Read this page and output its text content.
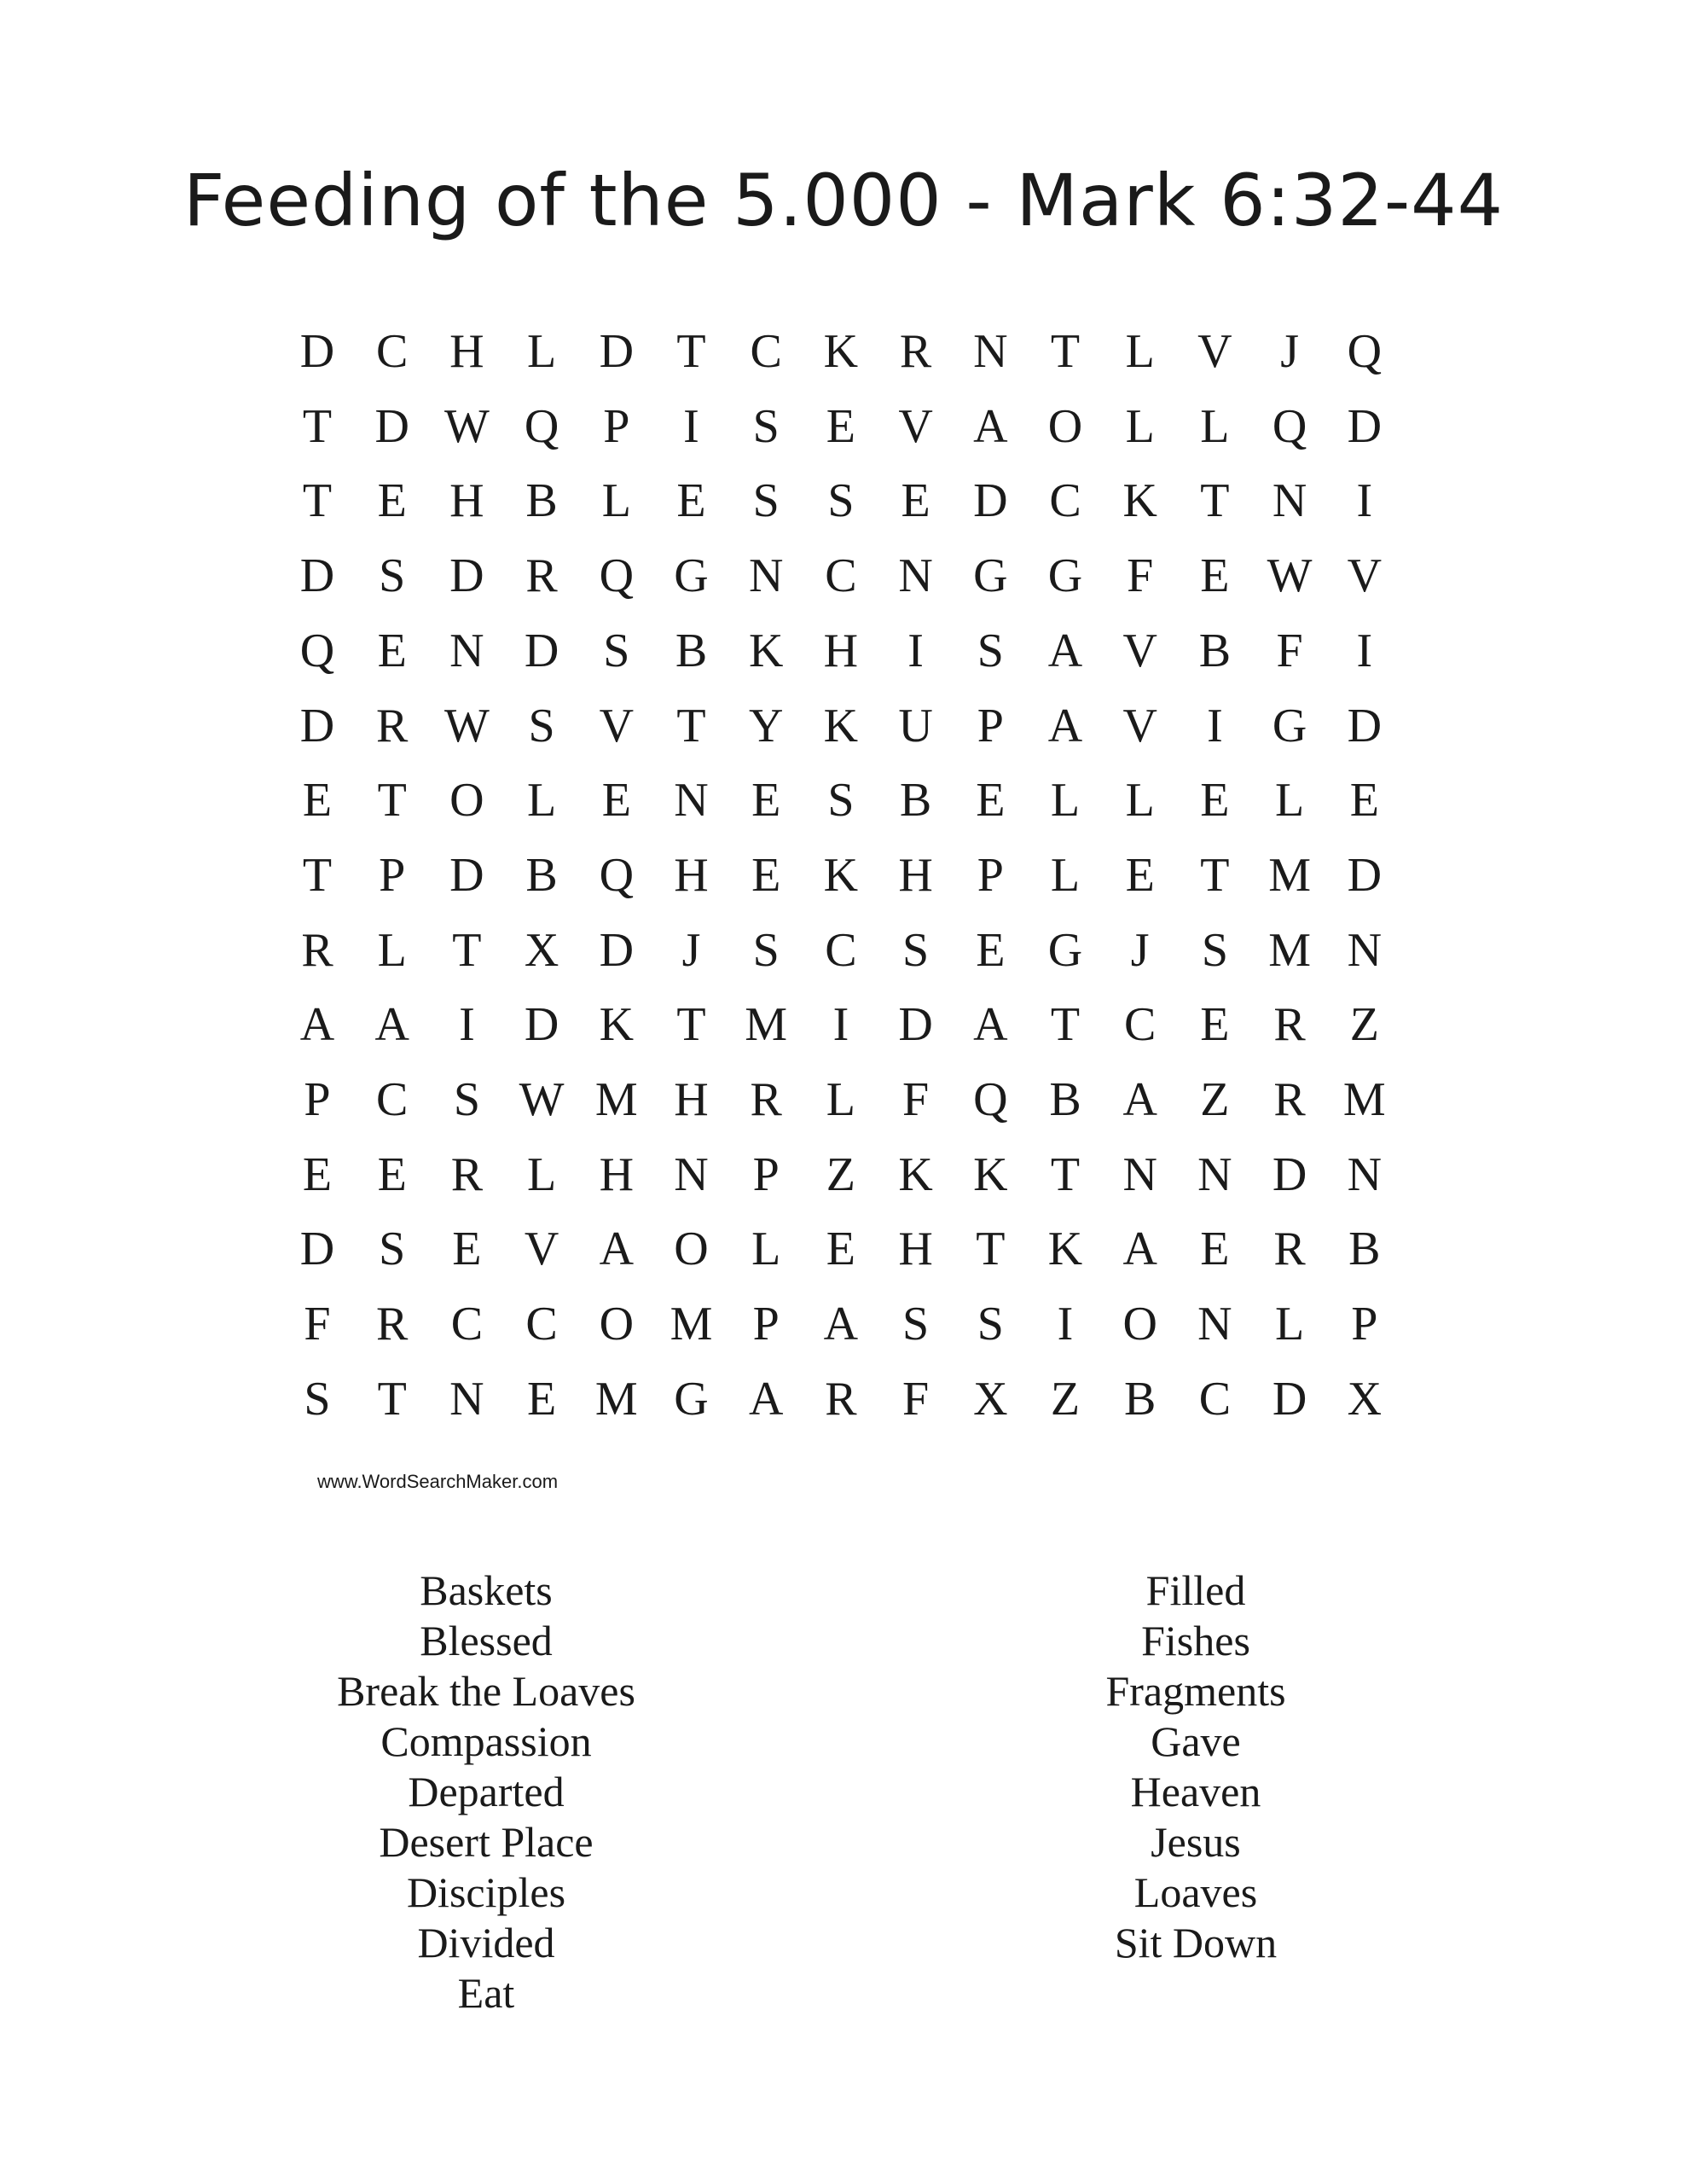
Feeding of the 5.000 - Mark 6:32-44
D C H L D T C K R N T L V	J	Q
T D W Q P	I	S E V A O L L Q D
T E H B L E S	S E D C K T N	I
D S D R Q G N C N G G F E W V
Q E N D S B K H	I	S A V B F	I
D R W S V T Y K U P A V	I	G D
E T O L E N E S B E L L E L E
T P D B Q H E K H P L E T M D
R L T X D	J	S C S E G	J	S M N
A A	I	D K T M I	D A T C E R Z
P C S W M H R L F Q B A Z R M
E E R L H N P Z K K T N N D N
D S E V A O L E H T K A E R B
F R C C O M P A S	S	I	O N L P
S T N E M G A R F X Z B C D X
www.WordSearchMaker.com
Baskets
Blessed
Break the Loaves
Compassion
Departed
Desert Place
Disciples
Divided
Eat
Filled
Fishes
Fragments
Gave
Heaven
Jesus
Loaves
Sit Down
